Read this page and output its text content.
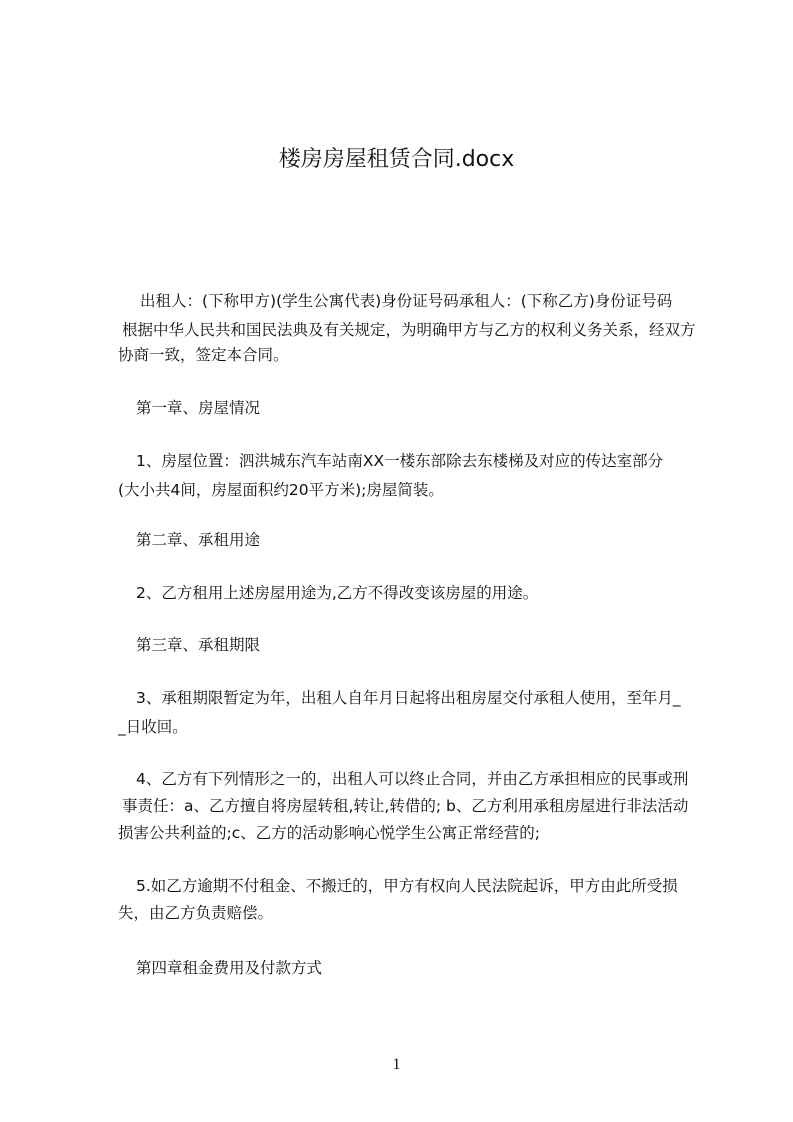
楼房房屋租赁合同.docx
出租人：(下称甲方)(学生公寓代表)身份证号码承租人：(下称乙方)身份证号码
根据中华人民共和国民法典及有关规定，为明确甲方与乙方的权利义务关系，经双方
协商一致，签定本合同。
第一章、房屋情况
1、房屋位置：泗洪城东汽车站南XX一楼东部除去东楼梯及对应的传达室部分
(大小共4间，房屋面积约20平方米);房屋简装。
第二章、承租用途
2、乙方租用上述房屋用途为,乙方不得改变该房屋的用途。
第三章、承租期限
3、承租期限暂定为年，出租人自年月日起将出租房屋交付承租人使用，至年月_
_日收回。
4、乙方有下列情形之一的，出租人可以终止合同，并由乙方承担相应的民事或刑
事责任：a、乙方擅自将房屋转租,转让,转借的; b、乙方利用承租房屋进行非法活动
损害公共利益的;c、乙方的活动影响心悦学生公寓正常经营的;
5.如乙方逾期不付租金、不搬迁的，甲方有权向人民法院起诉，甲方由此所受损
失，由乙方负责赔偿。
第四章租金费用及付款方式
1
